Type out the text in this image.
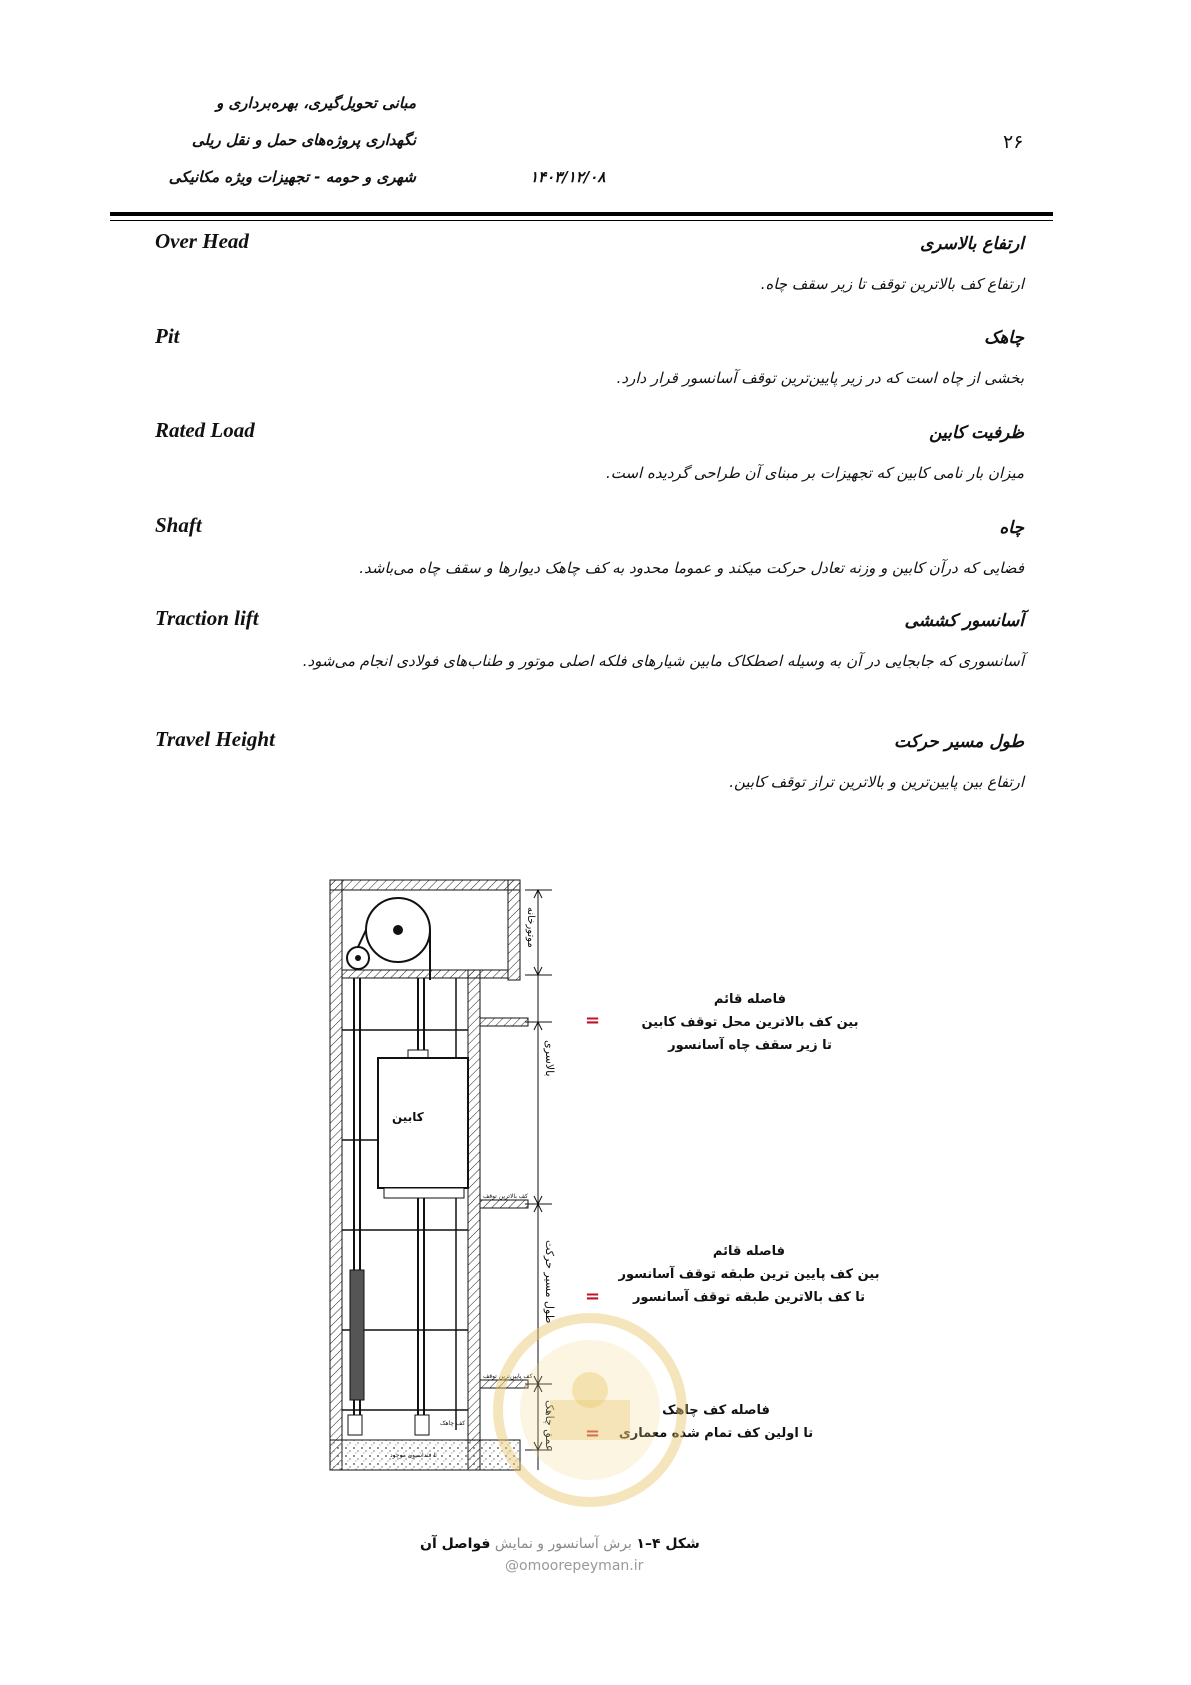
مبانی تحویل‌گیری، بهره‌برداری و
نگهداری پروژه‌های حمل و نقل ریلی
شهری و حومه - تجهیزات ویژه مکانیکی	۱۴۰۳/۱۲/۰۸
۲۶
Over Head	ارتفاع بالاسری
ارتفاع کف بالاترین توقف تا زیر سقف چاه.
Pit	چاهک
بخشی از چاه است که در زیر پایین‌ترین توقف آسانسور قرار دارد.
Rated Load	ظرفیت کابین
میزان بار نامی کابین که تجهیزات بر مبنای آن طراحی گردیده است.
Shaft	چاه
فضایی که درآن کابین و وزنه تعادل حرکت میکند و عموما محدود به کف چاهک دیوارها و سقف چاه می‌باشد.
Traction lift	آسانسور کششی
آسانسوری که جابجایی در آن به وسیله اصطکاک مابین شیارهای فلکه اصلی موتور و طناب‌های فولادی انجام می‌شود.
Travel Height	طول مسیر حرکت
ارتفاع بین پایین‌ترین و بالاترین تراز توقف کابین.
کابین
موتورخانه
بالاسری
طول مسیر حرکت
عمق چاهک
کف بالاترین توقف
کف پایین‌ترین توقف
کف چاهک
تا فنداسیون موجود
=
=
=
فاصله قائم
بین کف بالاترین محل توقف کابین
تا زیر سقف چاه آسانسور
فاصله قائم
بین کف پایین ترین طبقه توقف آسانسور
تا کف بالاترین طبقه توقف آسانسور
فاصله کف چاهک
تا اولین کف تمام شده معماری
شکل ۴–۱ برش آسانسور و نمایش فواصل آن
@omoorepeyman.ir
